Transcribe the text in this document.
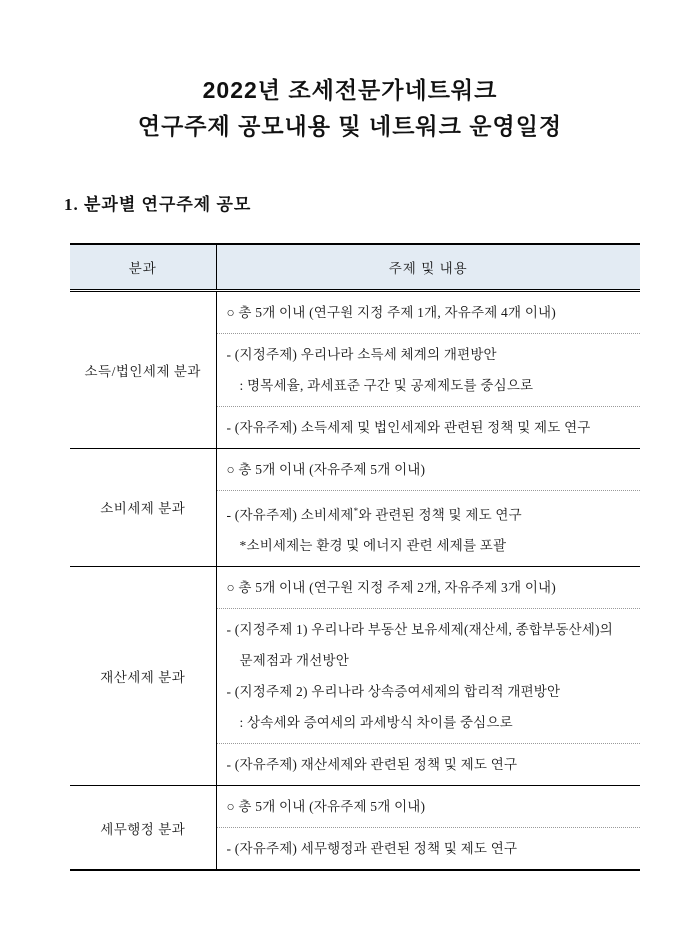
2022년 조세전문가네트워크
연구주제 공모내용 및 네트워크 운영일정
1. 분과별 연구주제 공모
분과	주제 및 내용
소득/법인세제 분과	○ 총 5개 이내 (연구원 지정 주제 1개, 자유주제 4개 이내)

	- (지정주제) 우리나라 소득세 체계의 개편방안
: 명목세율, 과세표준 구간 및 공제제도를 중심으로

	- (자유주제) 소득세제 및 법인세제와 관련된 정책 및 제도 연구

소비세제 분과	○ 총 5개 이내 (자유주제 5개 이내)

	- (자유주제) 소비세제*와 관련된 정책 및 제도 연구
*소비세제는 환경 및 에너지 관련 세제를 포괄

재산세제 분과	○ 총 5개 이내 (연구원 지정 주제 2개, 자유주제 3개 이내)

	- (지정주제 1) 우리나라 부동산 보유세제(재산세, 종합부동산세)의
문제점과 개선방안
- (지정주제 2) 우리나라 상속증여세제의 합리적 개편방안
: 상속세와 증여세의 과세방식 차이를 중심으로

	- (자유주제) 재산세제와 관련된 정책 및 제도 연구

세무행정 분과	○ 총 5개 이내 (자유주제 5개 이내)

	- (자유주제) 세무행정과 관련된 정책 및 제도 연구
